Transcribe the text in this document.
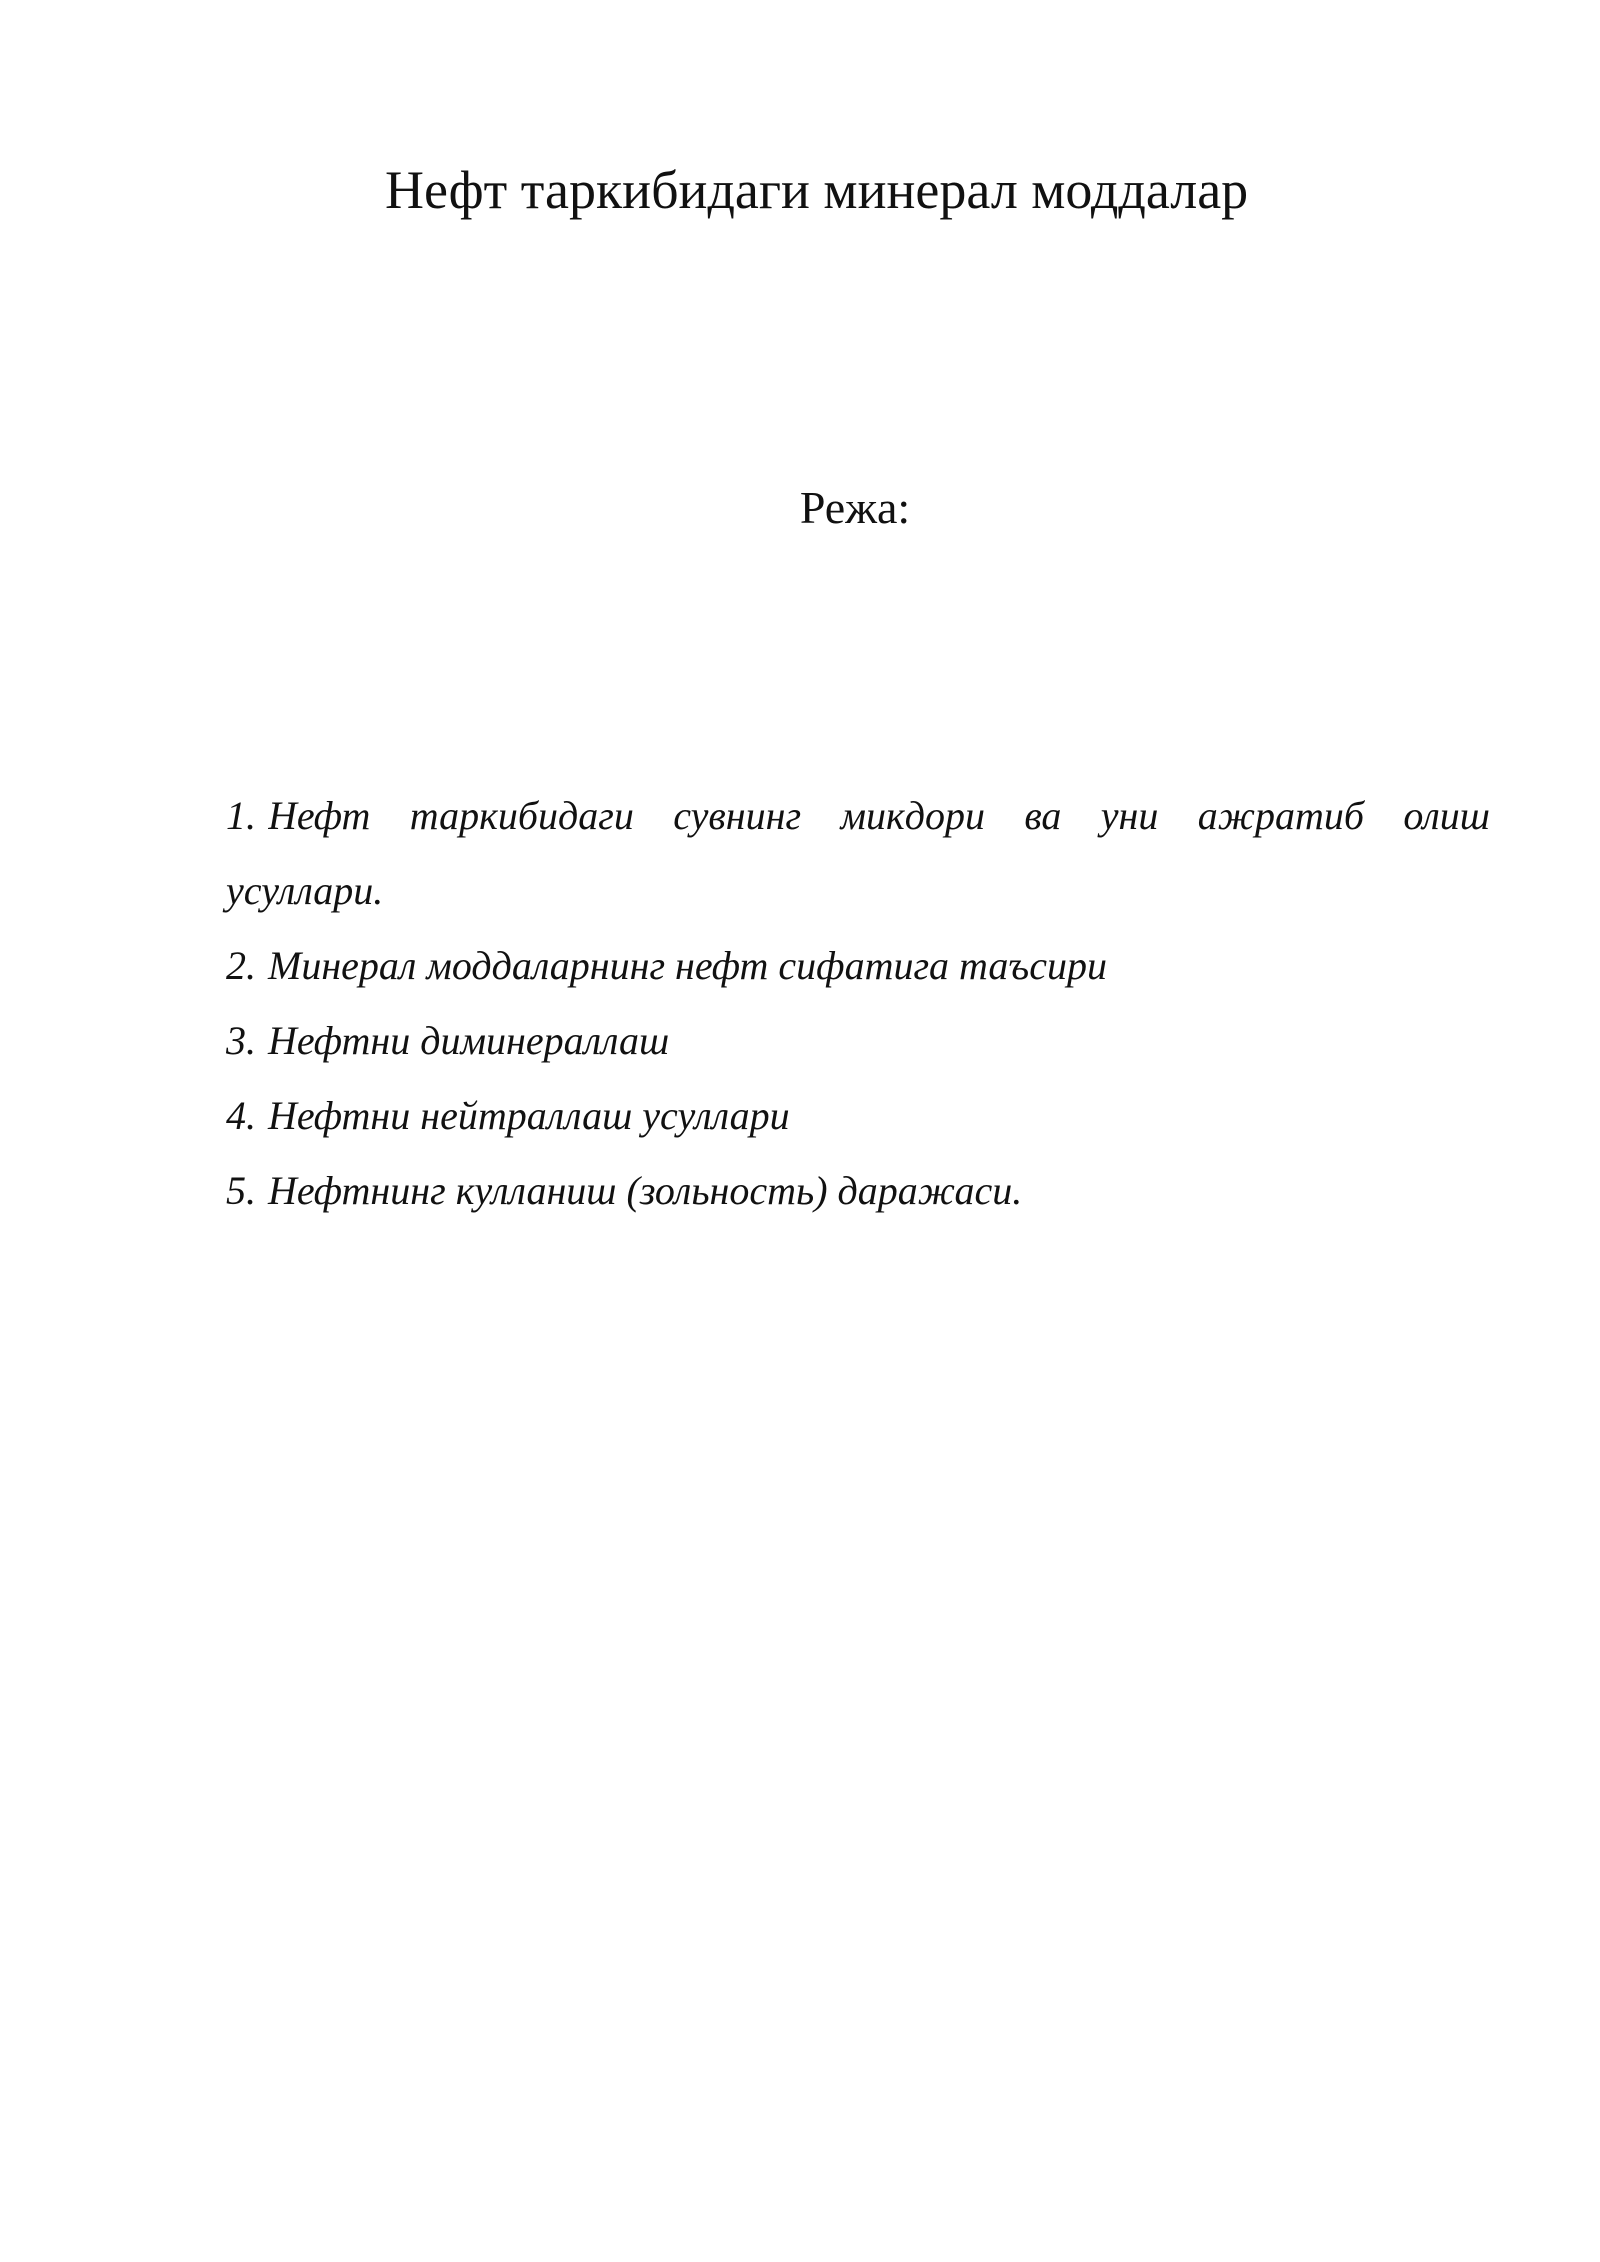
Нефт таркибидаги минерал моддалар
Режа:
1. Нефт таркибидаги сувнинг микдори ва уни ажратиб олиш
усуллари.
2. Минерал моддаларнинг нефт сифатига таъсири
3. Нефтни диминераллаш
4. Нефтни нейтраллаш усуллари
5. Нефтнинг кулланиш (зольность) даражаси.
